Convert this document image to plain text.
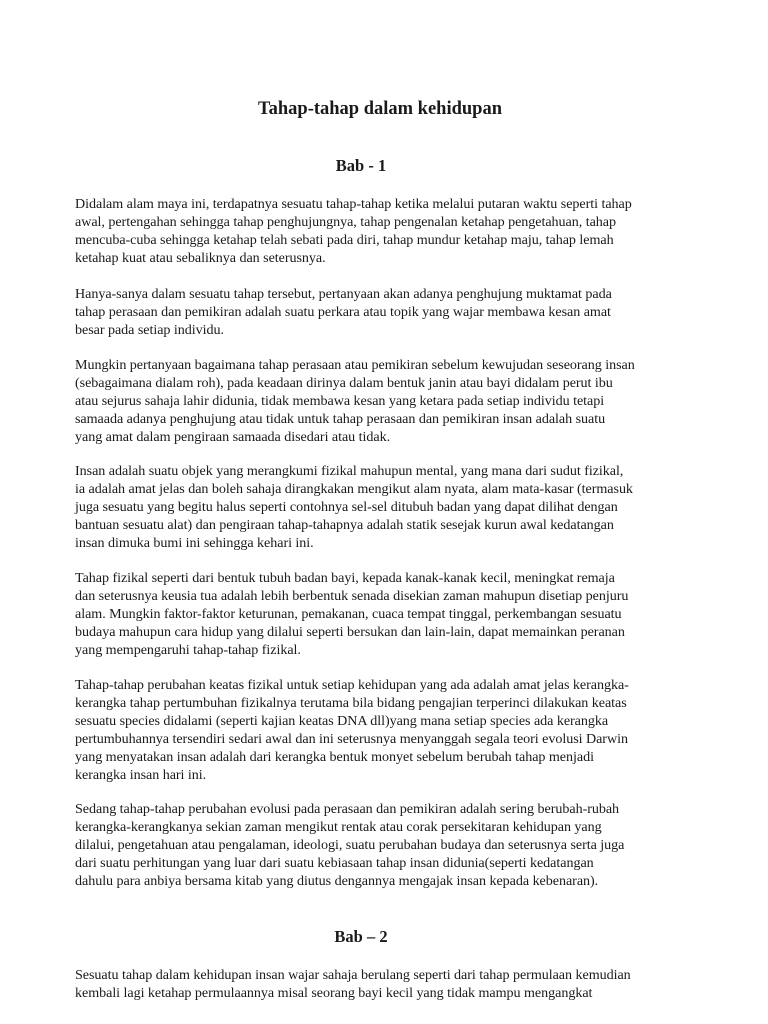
Tahap-tahap dalam kehidupan
Bab - 1
Didalam alam maya ini, terdapatnya sesuatu tahap-tahap ketika melalui putaran waktu seperti tahap
awal, pertengahan sehingga tahap penghujungnya, tahap pengenalan ketahap pengetahuan, tahap
mencuba-cuba sehingga ketahap telah sebati pada diri, tahap mundur ketahap maju, tahap lemah
ketahap kuat atau sebaliknya dan seterusnya.
Hanya-sanya dalam sesuatu tahap tersebut, pertanyaan akan adanya penghujung muktamat pada
tahap perasaan dan pemikiran adalah suatu perkara atau topik yang wajar membawa kesan amat
besar pada setiap individu.
Mungkin pertanyaan bagaimana tahap perasaan atau pemikiran sebelum kewujudan seseorang insan
(sebagaimana dialam roh), pada keadaan dirinya dalam bentuk janin atau bayi didalam perut ibu
atau sejurus sahaja lahir didunia, tidak membawa kesan yang ketara pada setiap individu tetapi
samaada adanya penghujung atau tidak untuk tahap perasaan dan pemikiran insan adalah suatu
yang amat dalam pengiraan samaada disedari atau tidak.
Insan adalah suatu objek yang merangkumi fizikal mahupun mental, yang mana dari sudut fizikal,
ia adalah amat jelas dan boleh sahaja dirangkakan mengikut alam nyata, alam mata-kasar (termasuk
juga sesuatu yang begitu halus seperti contohnya sel-sel ditubuh badan yang dapat dilihat dengan
bantuan sesuatu alat) dan pengiraan tahap-tahapnya adalah statik sesejak kurun awal kedatangan
insan dimuka bumi ini sehingga kehari ini.
Tahap fizikal seperti dari bentuk tubuh badan bayi, kepada kanak-kanak kecil, meningkat remaja
dan seterusnya keusia tua adalah lebih berbentuk senada disekian zaman mahupun disetiap penjuru
alam. Mungkin faktor-faktor keturunan, pemakanan, cuaca tempat tinggal, perkembangan sesuatu
budaya mahupun cara hidup yang dilalui seperti bersukan dan lain-lain, dapat memainkan peranan
yang mempengaruhi tahap-tahap fizikal.
Tahap-tahap perubahan keatas fizikal untuk setiap kehidupan yang ada adalah amat jelas kerangka-
kerangka tahap pertumbuhan fizikalnya terutama bila bidang pengajian terperinci dilakukan keatas
sesuatu species didalami (seperti kajian keatas DNA dll)yang mana setiap species ada kerangka
pertumbuhannya tersendiri sedari awal dan ini seterusnya menyanggah segala teori evolusi Darwin
yang menyatakan insan adalah dari kerangka bentuk monyet sebelum berubah tahap menjadi
kerangka insan hari ini.
Sedang tahap-tahap perubahan evolusi pada perasaan dan pemikiran adalah sering berubah-rubah
kerangka-kerangkanya sekian zaman mengikut rentak atau corak persekitaran kehidupan yang
dilalui, pengetahuan atau pengalaman, ideologi, suatu perubahan budaya dan seterusnya serta juga
dari suatu perhitungan yang luar dari suatu kebiasaan tahap insan diduniа(seperti kedatangan
dahulu para anbiya bersama kitab yang diutus dengannya mengajak insan kepada kebenaran).
Bab – 2
Sesuatu tahap dalam kehidupan insan wajar sahaja berulang seperti dari tahap permulaan kemudian
kembali lagi ketahap permulaannya misal seorang bayi kecil yang tidak mampu mengangkat
